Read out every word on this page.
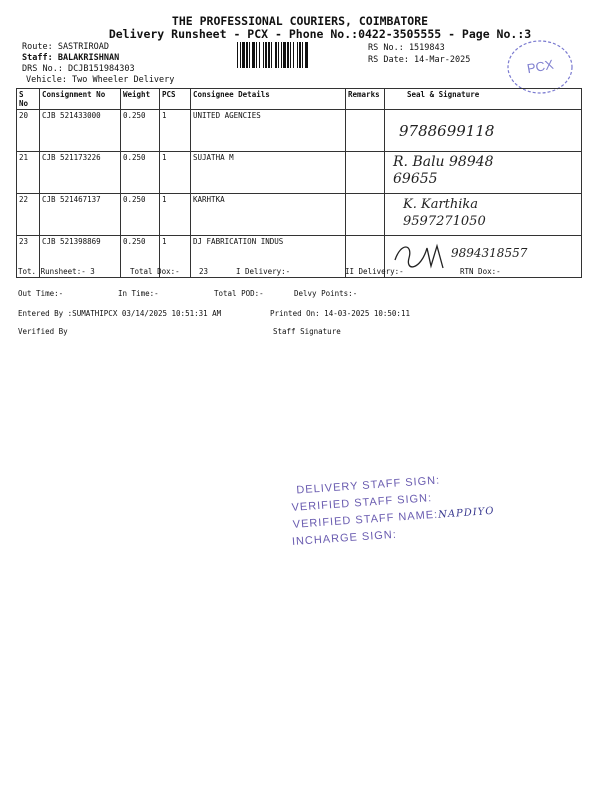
THE PROFESSIONAL COURIERS, COIMBATORE
Delivery Runsheet - PCX - Phone No.:0422-3505555 - Page No.:3
Route: SASTRIROAD
Staff: BALAKRISHNAN
DRS No.: DCJB151984303
Vehicle: Two Wheeler Delivery
RS No.: 1519843
RS Date: 14-Mar-2025	PCX
S No	Consignment No	Weight	PCS	Consignee Details	Remarks	Seal & Signature
20	CJB 521433000	0.250	1	UNITED AGENCIES		9788699118

21	CJB 521173226	0.250	1	SUJATHA M		R. Balu 98948 69655

22	CJB 521467137	0.250	1	KARHTKA		K. Karthika 9597271050

23	CJB 521398869	0.250	1	DJ FABRICATION INDUS		9894318557
Tot. Runsheet:- 3	Total Dox:-	23	I Delivery:-	II Delivery:-	RTN Dox:-
Out Time:-	In Time:-	Total POD:-	Delvy Points:-
Entered By :SUMATHIPCX 03/14/2025 10:51:31 AM	Printed On: 14-03-2025 10:50:11
Verified By	Staff Signature
DELIVERY STAFF SIGN:
VERIFIED STAFF SIGN:
VERIFIED STAFF NAME:NAPDIYO
INCHARGE SIGN:
